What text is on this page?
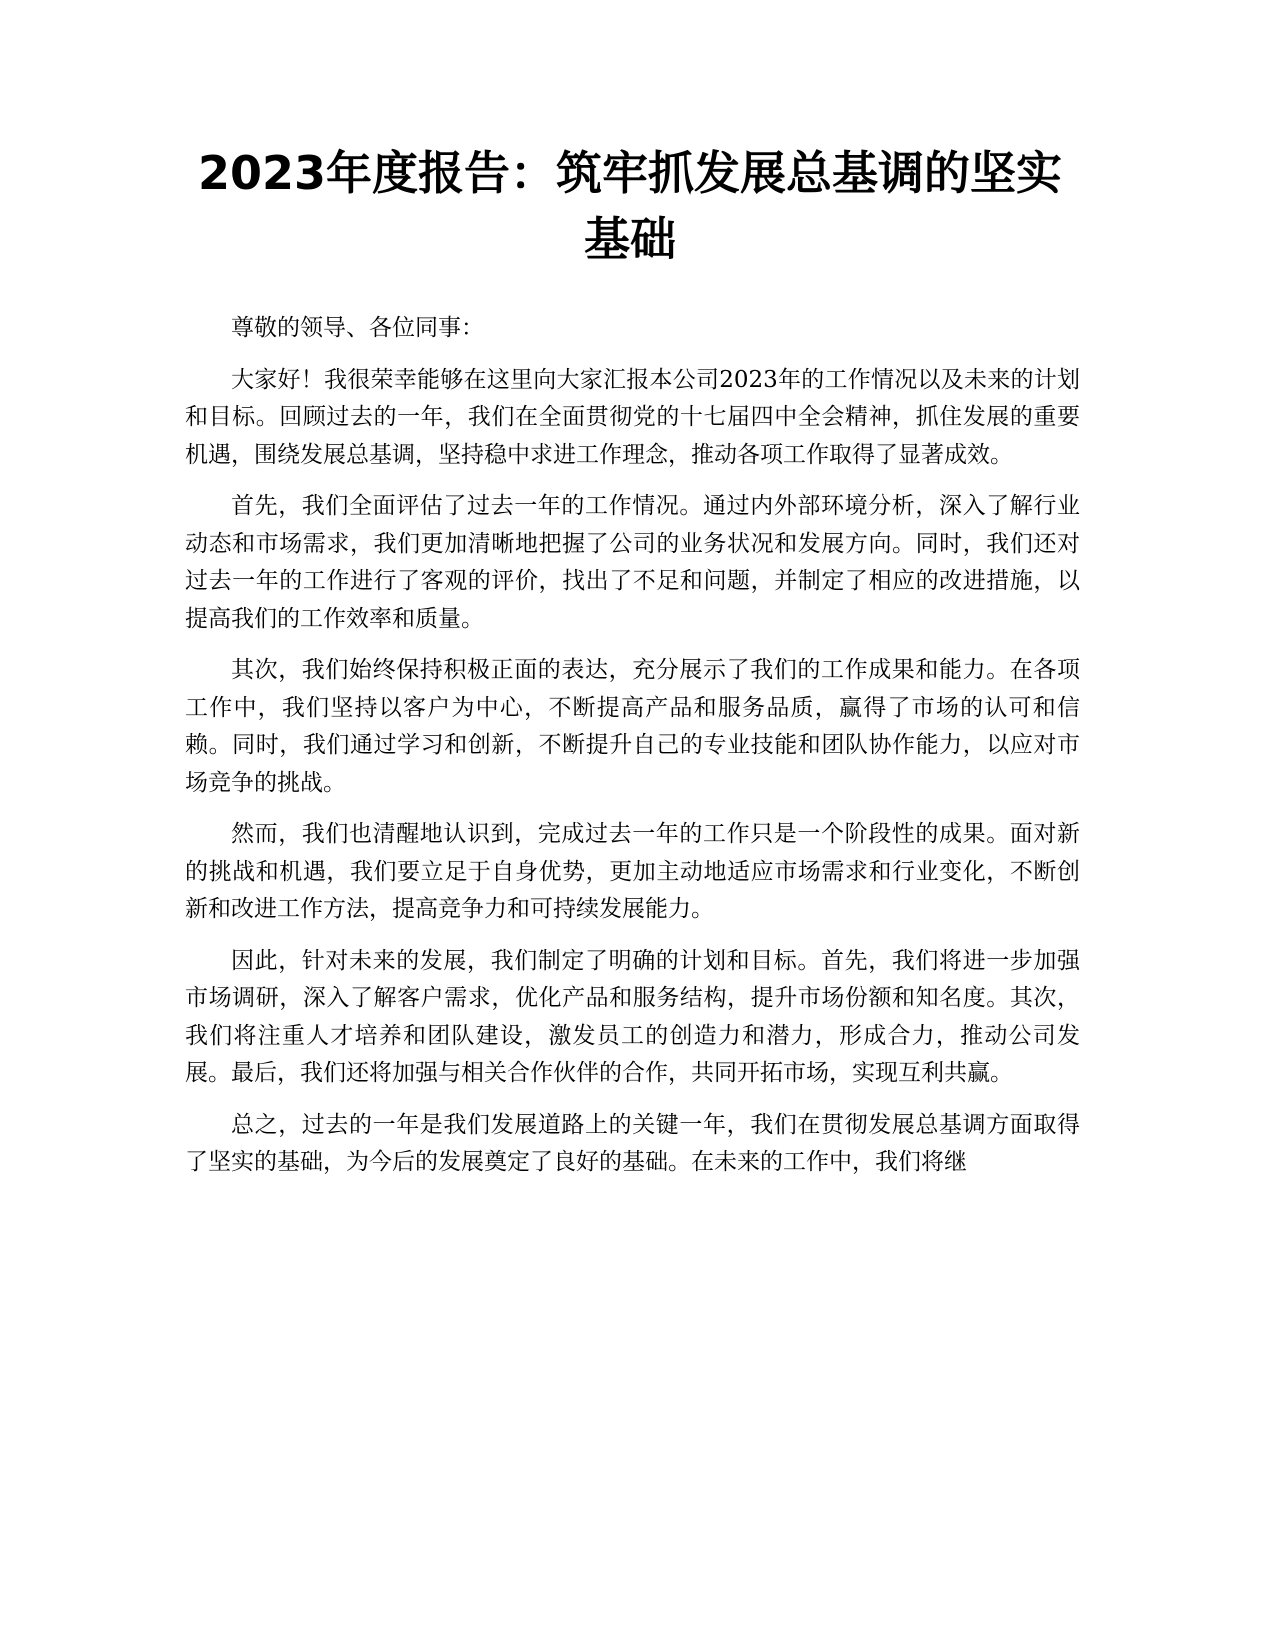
2023年度报告：筑牢抓发展总基调的坚实基础

尊敬的领导、各位同事：

大家好！我很荣幸能够在这里向大家汇报本公司2023年的工作情况以及未来的计划和目标。回顾过去的一年，我们在全面贯彻党的十七届四中全会精神，抓住发展的重要机遇，围绕发展总基调，坚持稳中求进工作理念，推动各项工作取得了显著成效。

首先，我们全面评估了过去一年的工作情况。通过内外部环境分析，深入了解行业动态和市场需求，我们更加清晰地把握了公司的业务状况和发展方向。同时，我们还对过去一年的工作进行了客观的评价，找出了不足和问题，并制定了相应的改进措施，以提高我们的工作效率和质量。

其次，我们始终保持积极正面的表达，充分展示了我们的工作成果和能力。在各项工作中，我们坚持以客户为中心，不断提高产品和服务品质，赢得了市场的认可和信赖。同时，我们通过学习和创新，不断提升自己的专业技能和团队协作能力，以应对市场竞争的挑战。

然而，我们也清醒地认识到，完成过去一年的工作只是一个阶段性的成果。面对新的挑战和机遇，我们要立足于自身优势，更加主动地适应市场需求和行业变化，不断创新和改进工作方法，提高竞争力和可持续发展能力。

因此，针对未来的发展，我们制定了明确的计划和目标。首先，我们将进一步加强市场调研，深入了解客户需求，优化产品和服务结构，提升市场份额和知名度。其次，我们将注重人才培养和团队建设，激发员工的创造力和潜力，形成合力，推动公司发展。最后，我们还将加强与相关合作伙伴的合作，共同开拓市场，实现互利共赢。

总之，过去的一年是我们发展道路上的关键一年，我们在贯彻发展总基调方面取得了坚实的基础，为今后的发展奠定了良好的基础。在未来的工作中，我们将继
